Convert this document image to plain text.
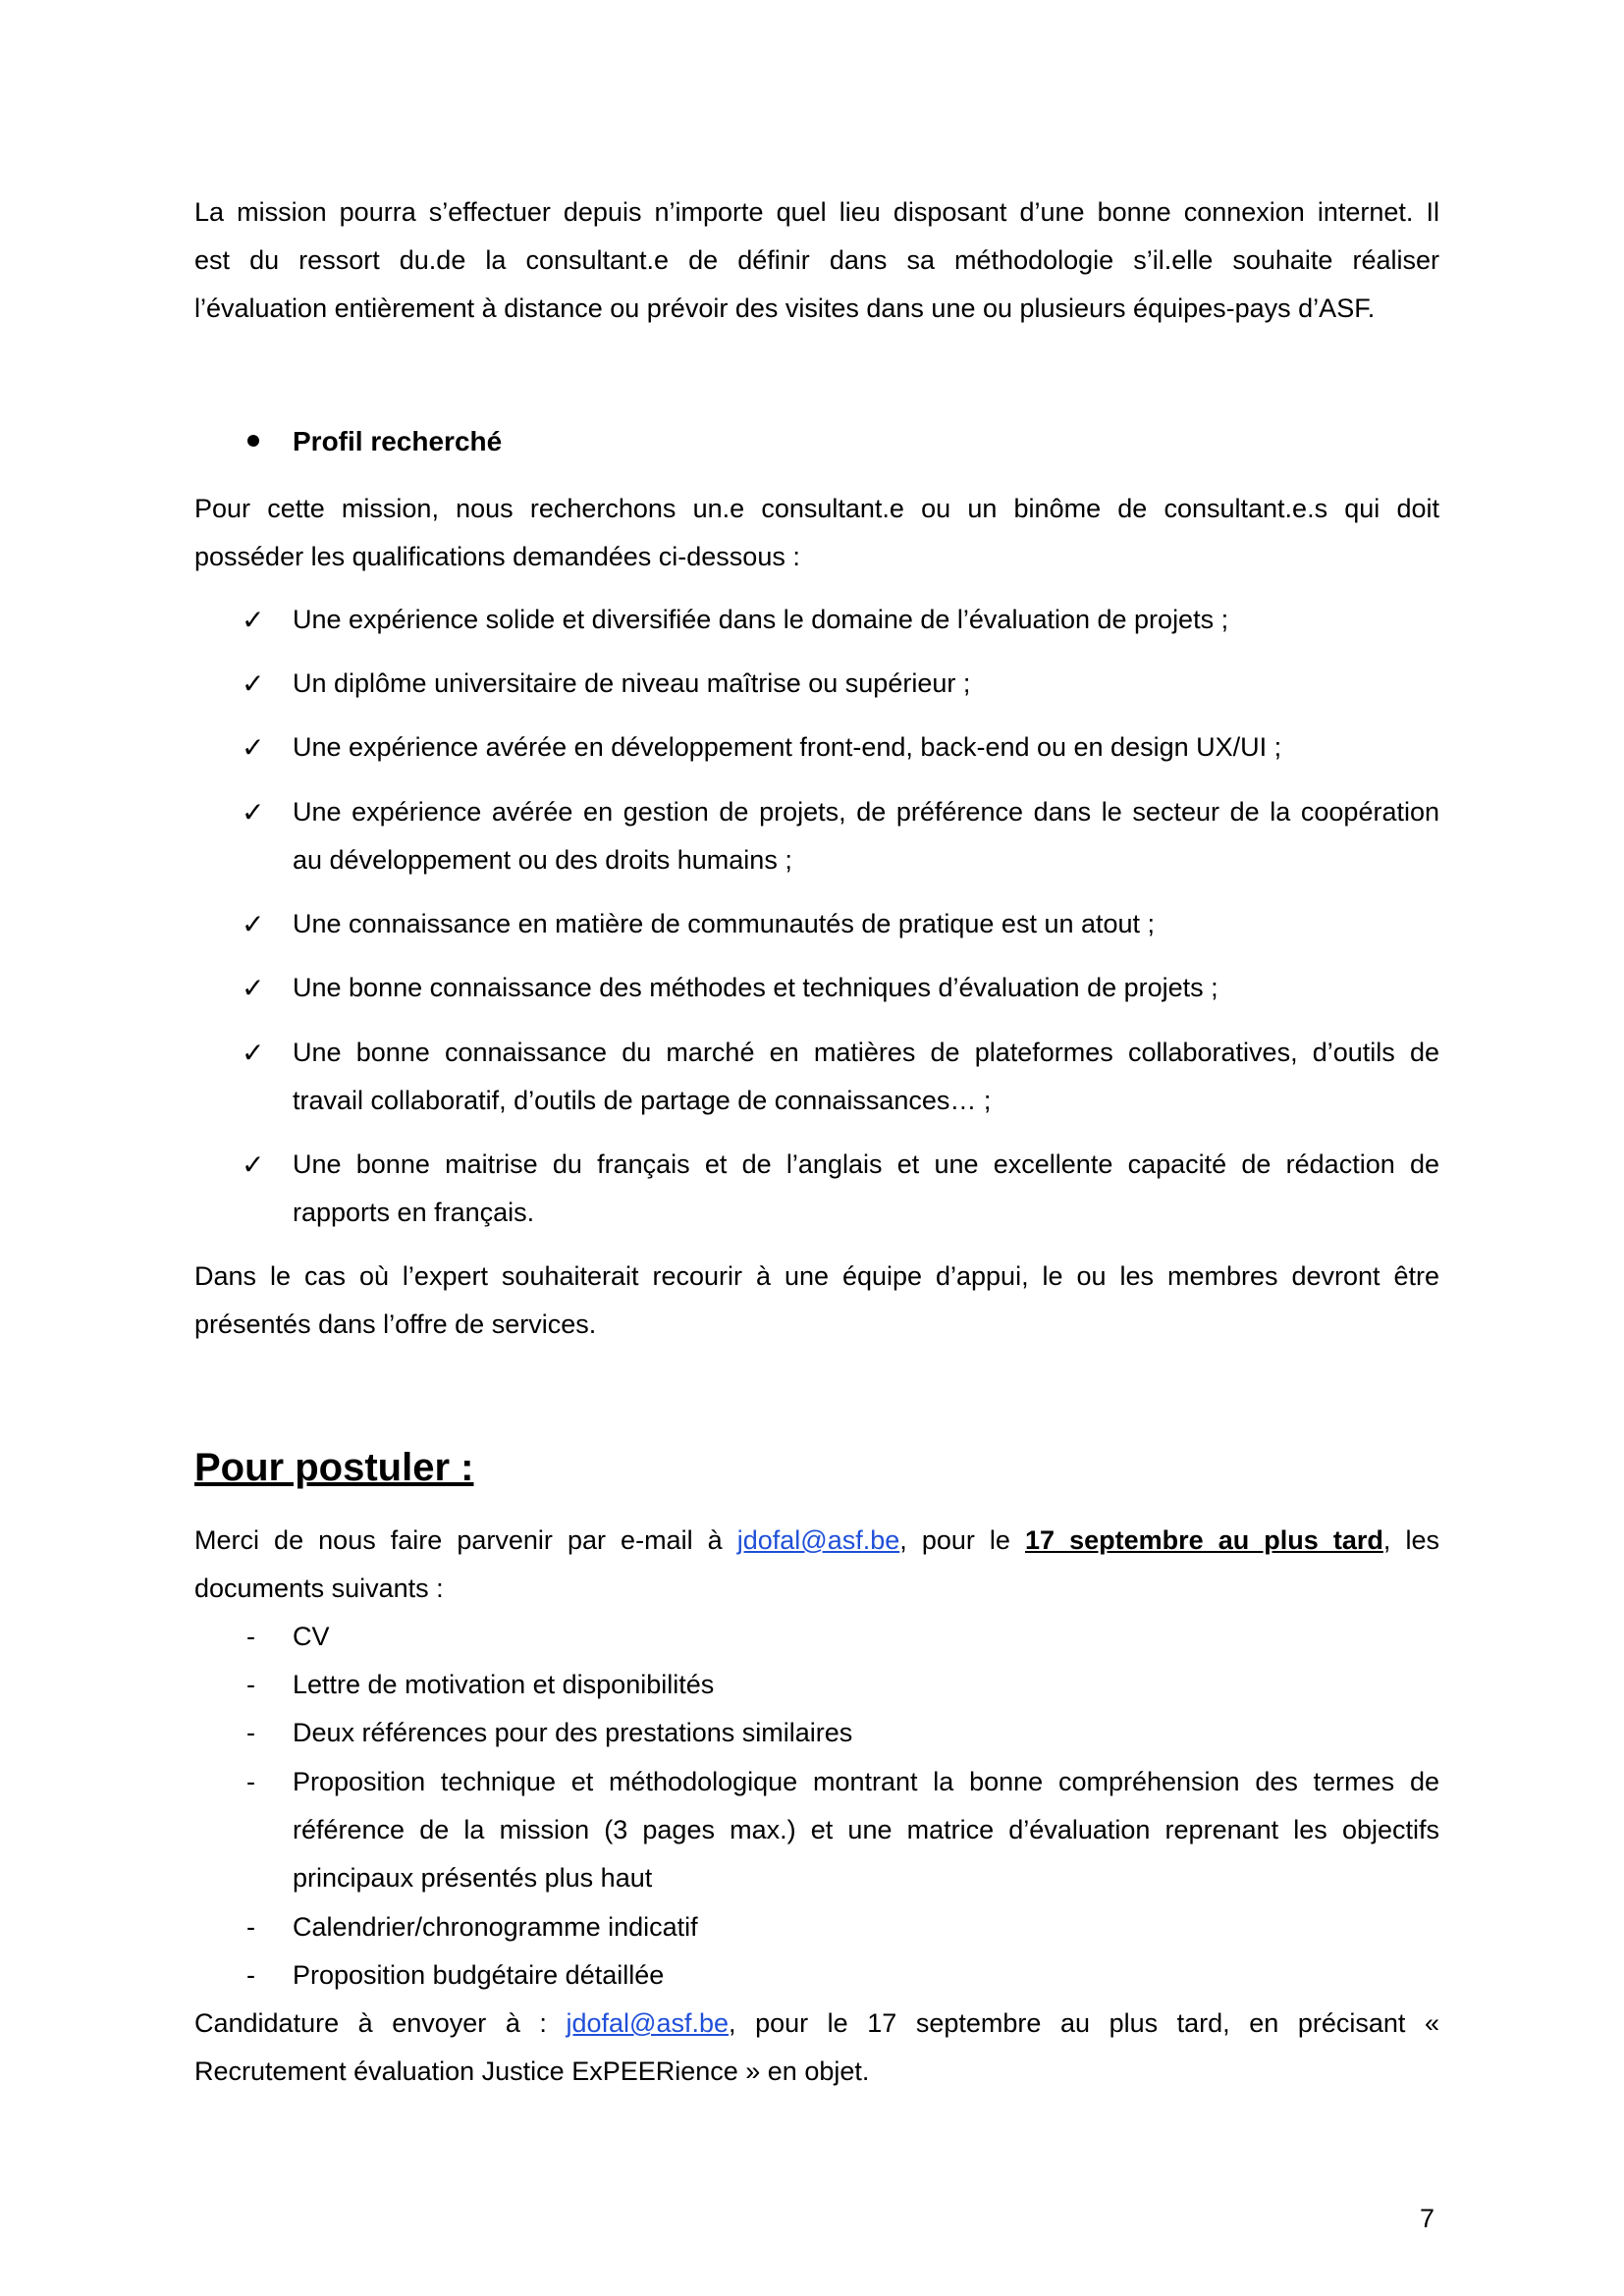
La mission pourra s’effectuer depuis n’importe quel lieu disposant d’une bonne connexion internet. Il

est du ressort du.de la consultant.e de définir dans sa méthodologie s’il.elle souhaite réaliser

l’évaluation entièrement à distance ou prévoir des visites dans une ou plusieurs équipes-pays d’ASF.

Profil recherché

Pour cette mission, nous recherchons un.e consultant.e ou un binôme de consultant.e.s qui doit

posséder les qualifications demandées ci-dessous :

✓ Une expérience solide et diversifiée dans le domaine de l’évaluation de projets ;

✓ Un diplôme universitaire de niveau maîtrise ou supérieur ;

✓ Une expérience avérée en développement front-end, back-end ou en design UX/UI ;

✓ Une expérience avérée en gestion de projets, de préférence dans le secteur de la coopération

au développement ou des droits humains ;

✓ Une connaissance en matière de communautés de pratique est un atout ;

✓ Une bonne connaissance des méthodes et techniques d’évaluation de projets ;

✓ Une bonne connaissance du marché en matières de plateformes collaboratives, d’outils de

travail collaboratif, d’outils de partage de connaissances… ;

✓ Une bonne maitrise du français et de l’anglais et une excellente capacité de rédaction de

rapports en français.

Dans le cas où l’expert souhaiterait recourir à une équipe d’appui, le ou les membres devront être

présentés dans l’offre de services.

Pour postuler :

Merci de nous faire parvenir par e-mail à jdofal@asf.be, pour le 17 septembre au plus tard, les

documents suivants :

-	CV

-	Lettre de motivation et disponibilités

-	Deux références pour des prestations similaires

-	Proposition technique et méthodologique montrant la bonne compréhension des termes de

référence de la mission (3 pages max.) et une matrice d’évaluation reprenant les objectifs

principaux présentés plus haut

-	Calendrier/chronogramme indicatif

-	Proposition budgétaire détaillée

Candidature à envoyer à : jdofal@asf.be, pour le 17 septembre au plus tard, en précisant «

Recrutement évaluation Justice ExPEERience » en objet.

7
